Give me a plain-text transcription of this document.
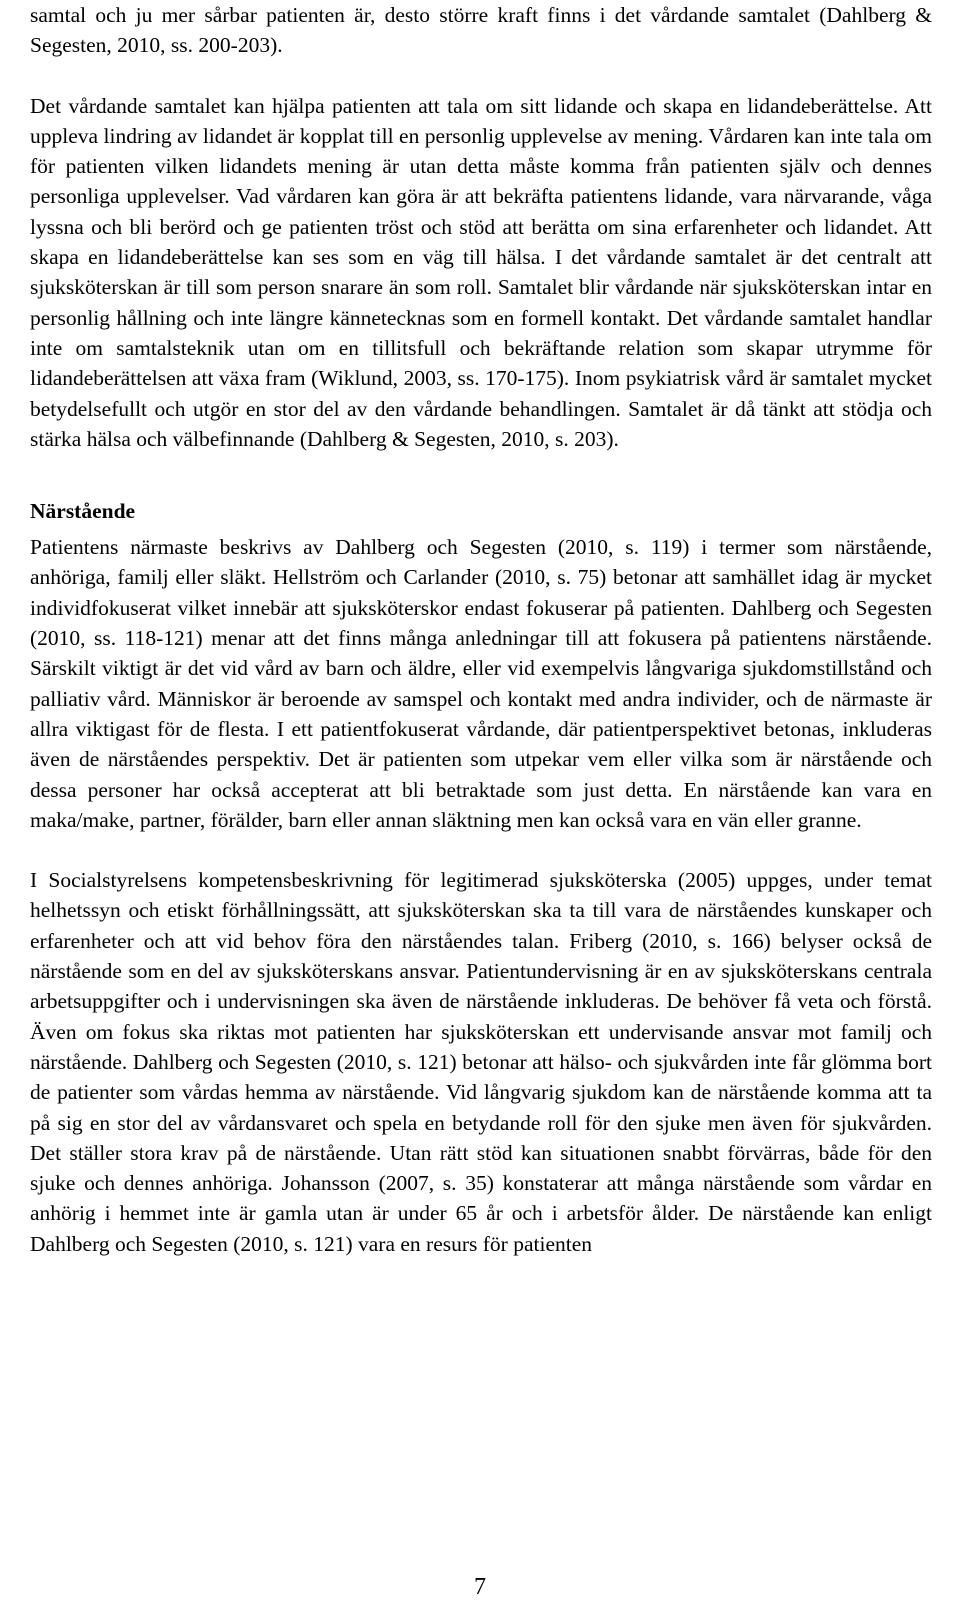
samtal och ju mer sårbar patienten är, desto större kraft finns i det vårdande samtalet (Dahlberg & Segesten, 2010, ss. 200-203).

Det vårdande samtalet kan hjälpa patienten att tala om sitt lidande och skapa en lidandeberättelse. Att uppleva lindring av lidandet är kopplat till en personlig upplevelse av mening. Vårdaren kan inte tala om för patienten vilken lidandets mening är utan detta måste komma från patienten själv och dennes personliga upplevelser. Vad vårdaren kan göra är att bekräfta patientens lidande, vara närvarande, våga lyssna och bli berörd och ge patienten tröst och stöd att berätta om sina erfarenheter och lidandet. Att skapa en lidandeberättelse kan ses som en väg till hälsa. I det vårdande samtalet är det centralt att sjuksköterskan är till som person snarare än som roll. Samtalet blir vårdande när sjuksköterskan intar en personlig hållning och inte längre kännetecknas som en formell kontakt. Det vårdande samtalet handlar inte om samtalsteknik utan om en tillitsfull och bekräftande relation som skapar utrymme för lidandeberättelsen att växa fram (Wiklund, 2003, ss. 170-175). Inom psykiatrisk vård är samtalet mycket betydelsefullt och utgör en stor del av den vårdande behandlingen. Samtalet är då tänkt att stödja och stärka hälsa och välbefinnande (Dahlberg & Segesten, 2010, s. 203).

Närstående

Patientens närmaste beskrivs av Dahlberg och Segesten (2010, s. 119) i termer som närstående, anhöriga, familj eller släkt. Hellström och Carlander (2010, s. 75) betonar att samhället idag är mycket individfokuserat vilket innebär att sjuksköterskor endast fokuserar på patienten. Dahlberg och Segesten (2010, ss. 118-121) menar att det finns många anledningar till att fokusera på patientens närstående. Särskilt viktigt är det vid vård av barn och äldre, eller vid exempelvis långvariga sjukdomstillstånd och palliativ vård. Människor är beroende av samspel och kontakt med andra individer, och de närmaste är allra viktigast för de flesta. I ett patientfokuserat vårdande, där patientperspektivet betonas, inkluderas även de närståendes perspektiv. Det är patienten som utpekar vem eller vilka som är närstående och dessa personer har också accepterat att bli betraktade som just detta. En närstående kan vara en maka/make, partner, förälder, barn eller annan släktning men kan också vara en vän eller granne.

I Socialstyrelsens kompetensbeskrivning för legitimerad sjuksköterska (2005) uppges, under temat helhetssyn och etiskt förhållningssätt, att sjuksköterskan ska ta till vara de närståendes kunskaper och erfarenheter och att vid behov föra den närståendes talan. Friberg (2010, s. 166) belyser också de närstående som en del av sjuksköterskans ansvar. Patientundervisning är en av sjuksköterskans centrala arbetsuppgifter och i undervisningen ska även de närstående inkluderas. De behöver få veta och förstå. Även om fokus ska riktas mot patienten har sjuksköterskan ett undervisande ansvar mot familj och närstående. Dahlberg och Segesten (2010, s. 121) betonar att hälso- och sjukvården inte får glömma bort de patienter som vårdas hemma av närstående. Vid långvarig sjukdom kan de närstående komma att ta på sig en stor del av vårdansvaret och spela en betydande roll för den sjuke men även för sjukvården. Det ställer stora krav på de närstående. Utan rätt stöd kan situationen snabbt förvärras, både för den sjuke och dennes anhöriga. Johansson (2007, s. 35) konstaterar att många närstående som vårdar en anhörig i hemmet inte är gamla utan är under 65 år och i arbetsför ålder. De närstående kan enligt Dahlberg och Segesten (2010, s. 121) vara en resurs för patienten

7
